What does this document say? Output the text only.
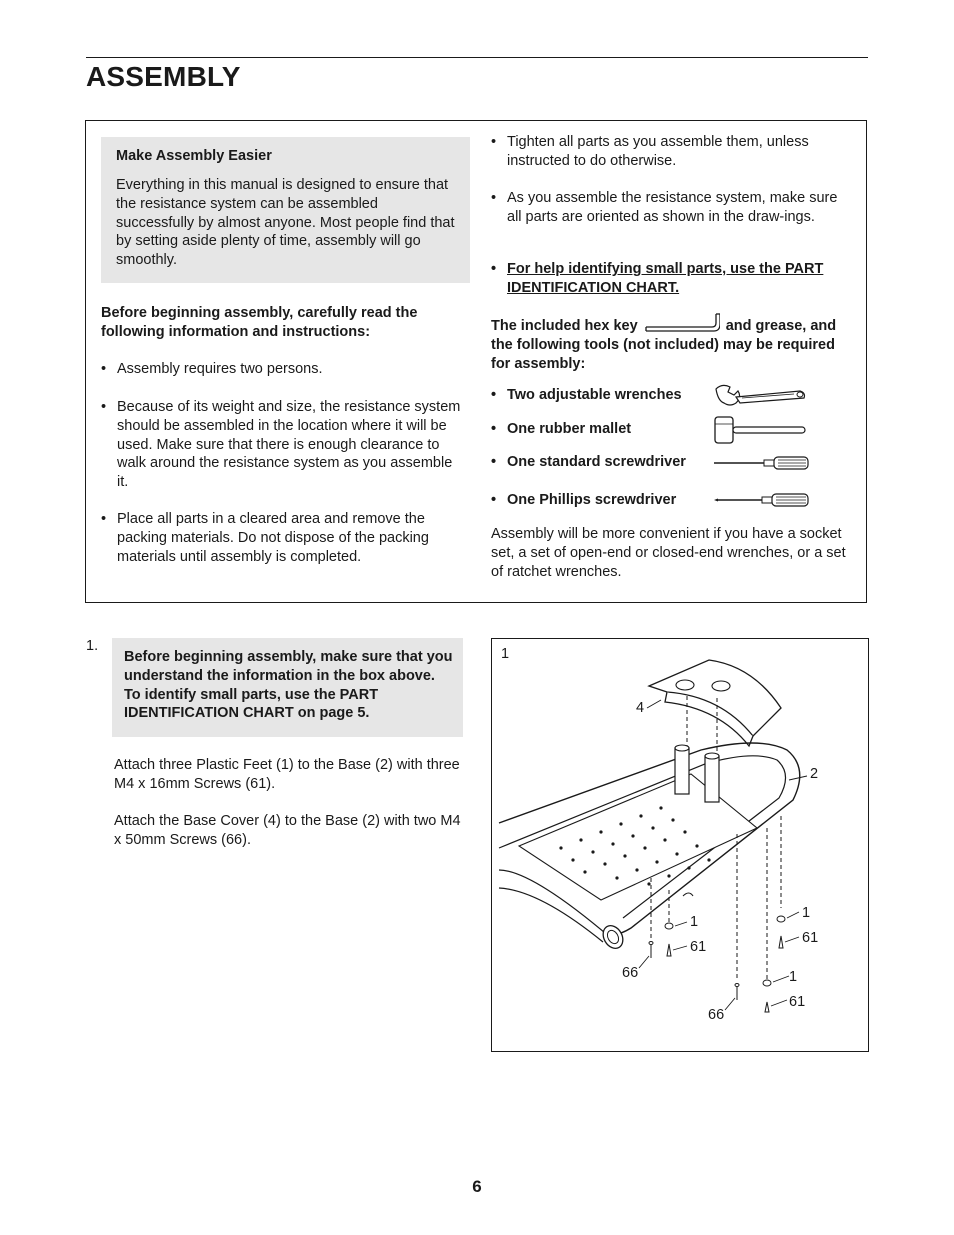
ASSEMBLY

Make Assembly Easier

Everything in this manual is designed to ensure that the resistance system can be assembled successfully by almost anyone. Most people find that by setting aside plenty of time, assembly will go smoothly.

Before beginning assembly, carefully read the following information and instructions:
• Assembly requires two persons.
• Because of its weight and size, the resistance system should be assembled in the location where it will be used. Make sure that there is enough clearance to walk around the resistance system as you assemble it.
• Place all parts in a cleared area and remove the packing materials. Do not dispose of the packing materials until assembly is completed.
• Tighten all parts as you assemble them, unless instructed to do otherwise.
• As you assemble the resistance system, make sure all parts are oriented as shown in the draw-ings.
• For help identifying small parts, use the PART IDENTIFICATION CHART.
The included hex key	and grease, and the following tools (not included) may be required for assembly:
• Two adjustable wrenches
• One rubber mallet
• One standard screwdriver
• One Phillips screwdriver
Assembly will be more convenient if you have a socket set, a set of open-end or closed-end wrenches, or a set of ratchet wrenches.
1.
Before beginning assembly, make sure that you understand the information in the box above. To identify small parts, use the PART IDENTIFICATION CHART on page 5.
Attach three Plastic Feet (1) to the Base (2) with three M4 x 16mm Screws (61).
Attach the Base Cover (4) to the Base (2) with two M4 x 50mm Screws (66).
1
4
2
1
61
66
1
61
1
61
66
6
